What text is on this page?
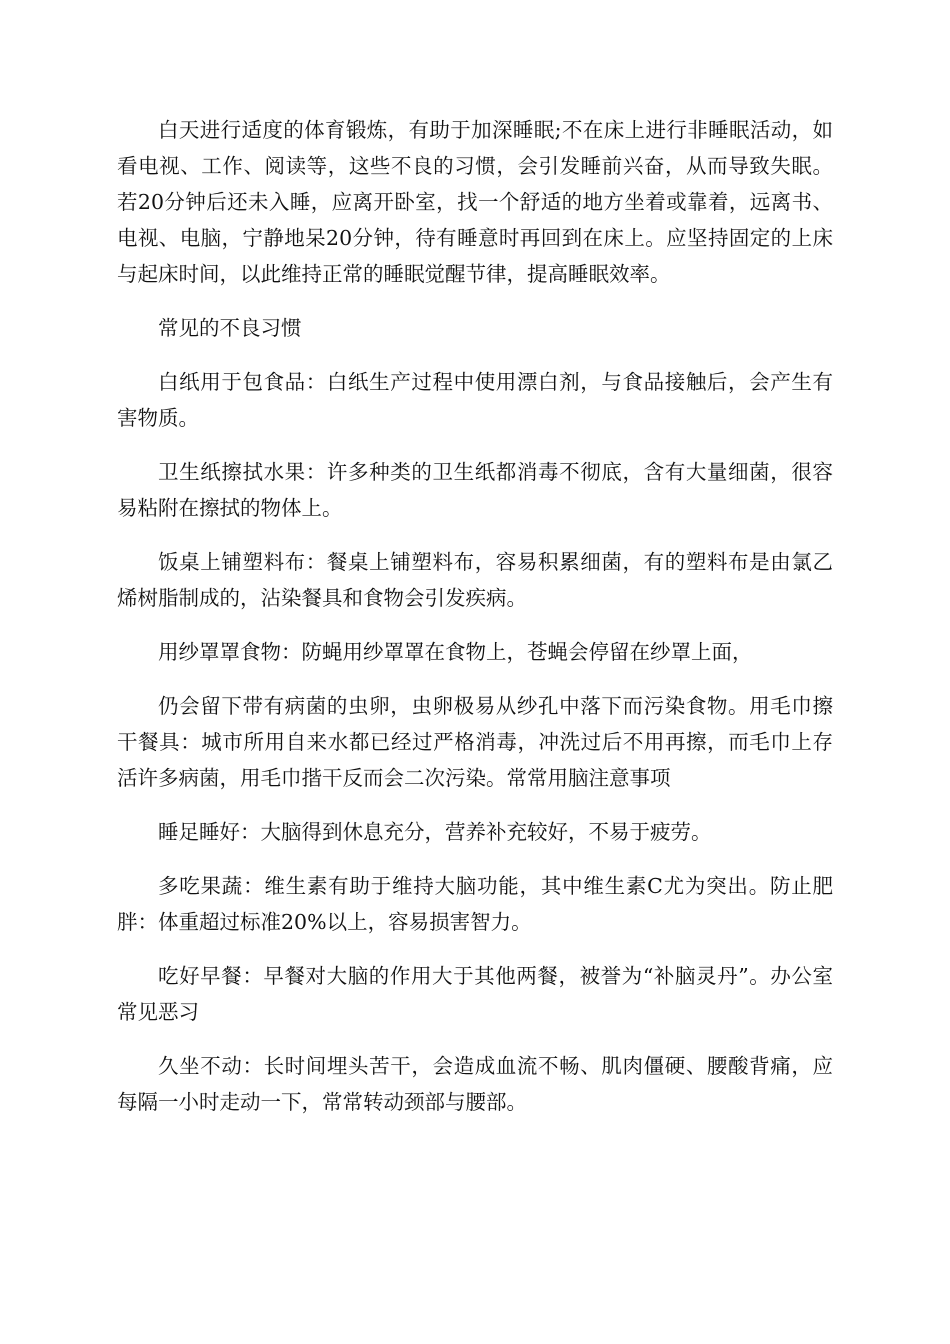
白天进行适度的体育锻炼，有助于加深睡眠;不在床上进行非睡眠活动，如看电视、工作、阅读等，这些不良的习惯，会引发睡前兴奋，从而导致失眠。若20分钟后还未入睡，应离开卧室，找一个舒适的地方坐着或靠着，远离书、电视、电脑，宁静地呆20分钟，待有睡意时再回到在床上。应坚持固定的上床与起床时间，以此维持正常的睡眠觉醒节律，提高睡眠效率。

常见的不良习惯

白纸用于包食品：白纸生产过程中使用漂白剂，与食品接触后，会产生有害物质。

卫生纸擦拭水果：许多种类的卫生纸都消毒不彻底，含有大量细菌，很容易粘附在擦拭的物体上。

饭桌上铺塑料布：餐桌上铺塑料布，容易积累细菌，有的塑料布是由氯乙烯树脂制成的，沾染餐具和食物会引发疾病。

用纱罩罩食物：防蝇用纱罩罩在食物上，苍蝇会停留在纱罩上面，

仍会留下带有病菌的虫卵，虫卵极易从纱孔中落下而污染食物。用毛巾擦干餐具：城市所用自来水都已经过严格消毒，冲洗过后不用再擦，而毛巾上存活许多病菌，用毛巾揩干反而会二次污染。常常用脑注意事项

睡足睡好：大脑得到休息充分，营养补充较好，不易于疲劳。

多吃果蔬：维生素有助于维持大脑功能，其中维生素C尤为突出。防止肥胖：体重超过标准20%以上，容易损害智力。

吃好早餐：早餐对大脑的作用大于其他两餐，被誉为“补脑灵丹”。办公室常见恶习

久坐不动：长时间埋头苦干，会造成血流不畅、肌肉僵硬、腰酸背痛，应每隔一小时走动一下，常常转动颈部与腰部。
